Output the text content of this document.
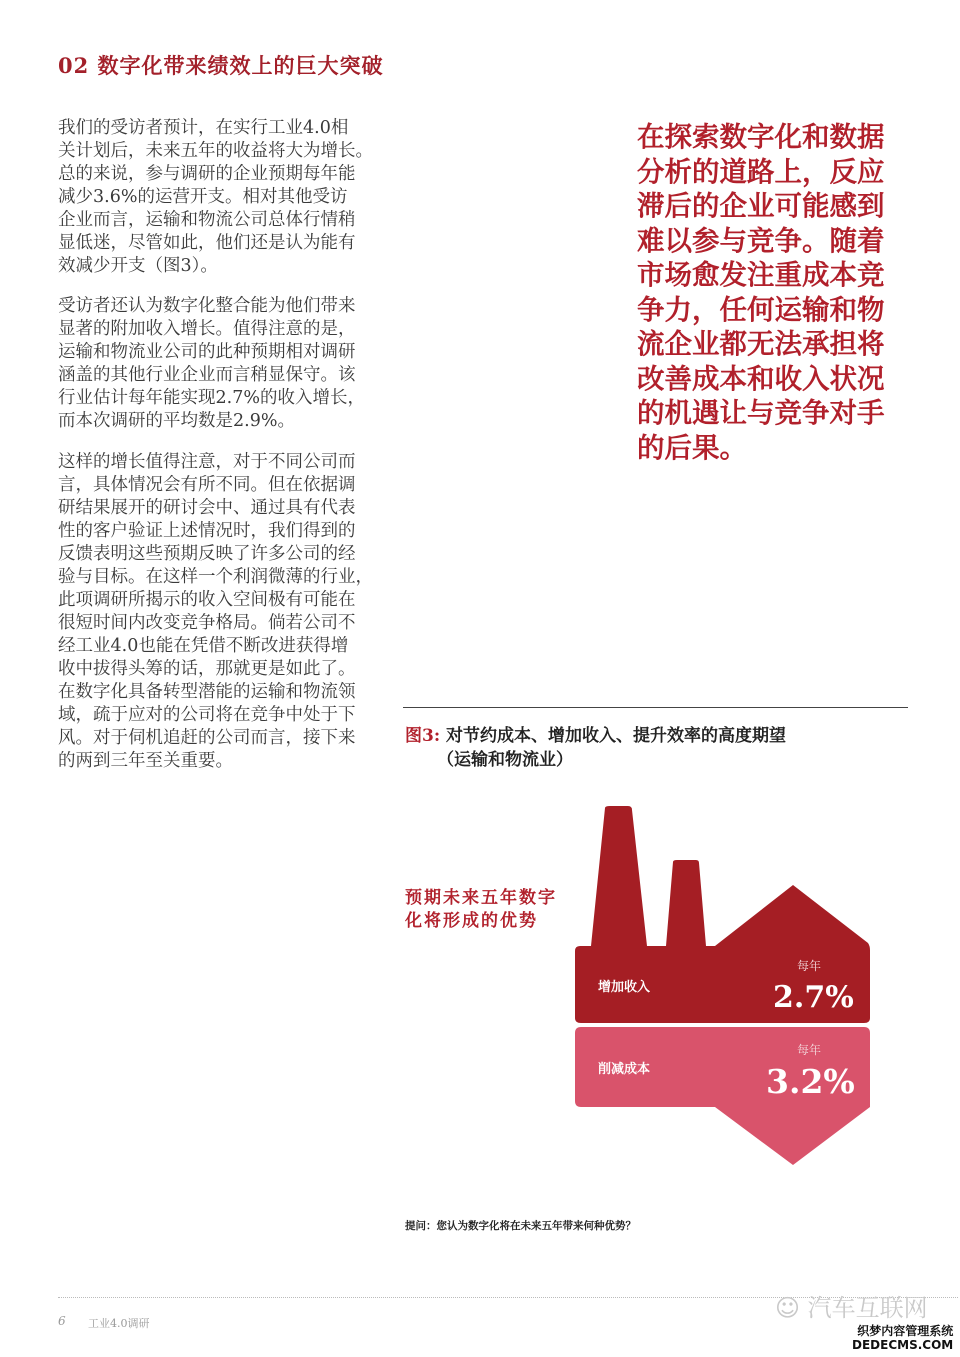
02 数字化带来绩效上的巨大突破
我们的受访者预计，在实行工业4.0相
关计划后，未来五年的收益将大为增长。
总的来说，参与调研的企业预期每年能
减少3.6%的运营开支。相对其他受访
企业而言，运输和物流公司总体行情稍
显低迷，尽管如此，他们还是认为能有
效减少开支（图3）。
受访者还认为数字化整合能为他们带来
显著的附加收入增长。值得注意的是，
运输和物流业公司的此种预期相对调研
涵盖的其他行业企业而言稍显保守。该
行业估计每年能实现2.7%的收入增长，
而本次调研的平均数是2.9%。
这样的增长值得注意，对于不同公司而
言，具体情况会有所不同。但在依据调
研结果展开的研讨会中、通过具有代表
性的客户验证上述情况时，我们得到的
反馈表明这些预期反映了许多公司的经
验与目标。在这样一个利润微薄的行业，
此项调研所揭示的收入空间极有可能在
很短时间内改变竞争格局。倘若公司不
经工业4.0也能在凭借不断改进获得增
收中拔得头筹的话，那就更是如此了。
在数字化具备转型潜能的运输和物流领
域，疏于应对的公司将在竞争中处于下
风。对于伺机追赶的公司而言，接下来
的两到三年至关重要。
在探索数字化和数据
分析的道路上，反应
滞后的企业可能感到
难以参与竞争。随着
市场愈发注重成本竞
争力，任何运输和物
流企业都无法承担将
改善成本和收入状况
的机遇让与竞争对手
的后果。
图3: 对节约成本、增加收入、提升效率的高度期望
（运输和物流业）
预期未来五年数字
化将形成的优势
增加收入
每年
2.7%
削减成本
每年
3.2%
提问：您认为数字化将在未来五年带来何种优势？
6 工业4.0调研
☺ 汽车互联网
织梦内容管理系统
DEDECMS.COM
